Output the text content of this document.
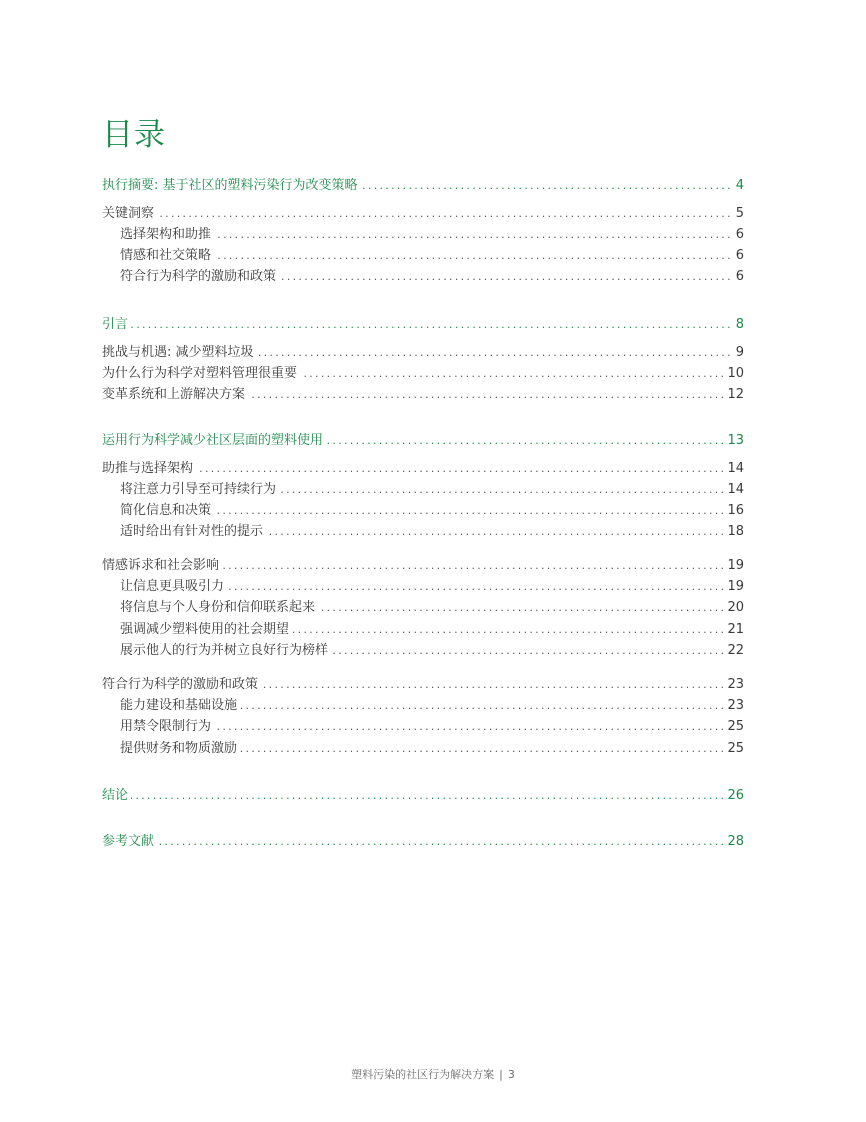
目录
执行摘要: 基于社区的塑料污染行为改变策略 . . .	4
关键洞察 . . .	5
选择架构和助推 . . .	6
情感和社交策略 . . .	6
符合行为科学的激励和政策 . . .	6
引言 . . .	8
挑战与机遇: 减少塑料垃圾 . . .	9
为什么行为科学对塑料管理很重要 . . .	10
变革系统和上游解决方案 . . .	12
运用行为科学减少社区层面的塑料使用 . . .	13
助推与选择架构 . . .	14
将注意力引导至可持续行为 . . .	14
简化信息和决策 . . .	16
适时给出有针对性的提示 . . .	18
情感诉求和社会影响 . . .	19
让信息更具吸引力 . . .	19
将信息与个人身份和信仰联系起来 . . .	20
强调减少塑料使用的社会期望 . . .	21
展示他人的行为并树立良好行为榜样 . . .	22
符合行为科学的激励和政策 . . .	23
能力建设和基础设施 . . .	23
用禁令限制行为 . . .	25
提供财务和物质激励 . . .	25
结论 . . .	26
参考文献 . . .	28
塑料污染的社区行为解决方案 | 3
